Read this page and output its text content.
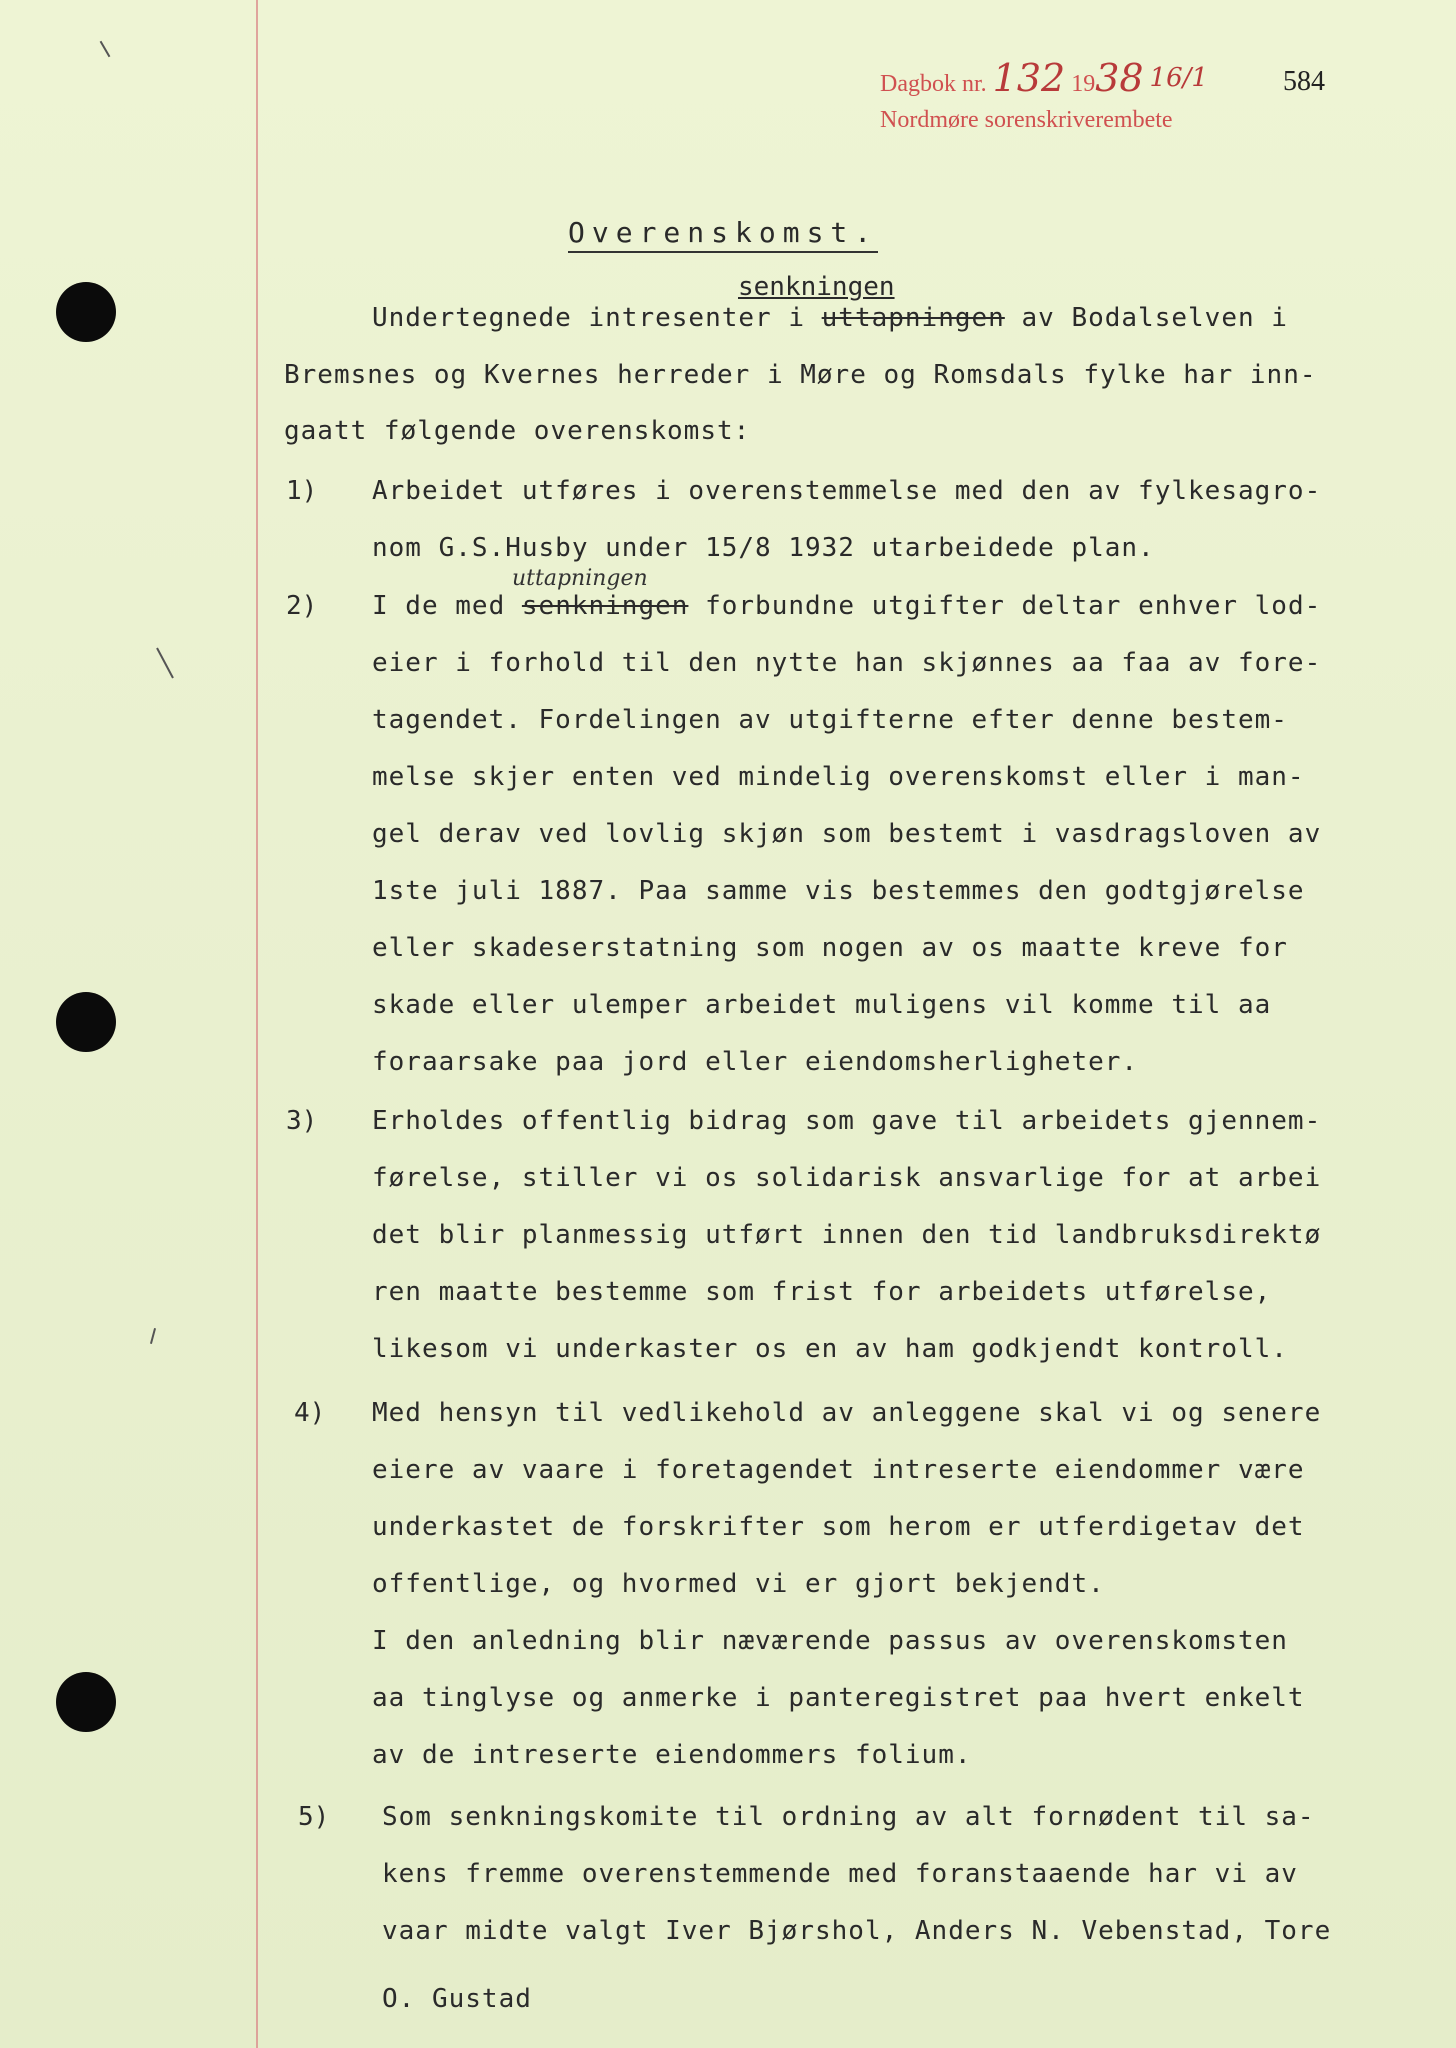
Dagbok nr. 132 1938 16/1
Nordmøre sorenskriverembete
584
Overenskomst.
senkningen
Undertegnede intresenter i uttapningen av Bodalselven i
Bremsnes og Kvernes herreder i Møre og Romsdals fylke har inn-
gaatt følgende overenskomst:
1) Arbeidet utføres i overenstemmelse med den av fylkesagro-
nom G.S.Husby under 15/8 1932 utarbeidede plan.
uttapningen
2) I de med senkningen forbundne utgifter deltar enhver lod-
eier i forhold til den nytte han skjønnes aa faa av fore-
tagendet. Fordelingen av utgifterne efter denne bestem-
melse skjer enten ved mindelig overenskomst eller i man-
gel derav ved lovlig skjøn som bestemt i vasdragsloven av
1ste juli 1887. Paa samme vis bestemmes den godtgjørelse
eller skadeserstatning som nogen av os maatte kreve for
skade eller ulemper arbeidet muligens vil komme til aa
foraarsake paa jord eller eiendomsherligheter.
3) Erholdes offentlig bidrag som gave til arbeidets gjennem-
førelse, stiller vi os solidarisk ansvarlige for at arbei
det blir planmessig utført innen den tid landbruksdirektø
ren maatte bestemme som frist for arbeidets utførelse,
likesom vi underkaster os en av ham godkjendt kontroll.
4) Med hensyn til vedlikehold av anleggene skal vi og senere
eiere av vaare i foretagendet intreserte eiendommer være
underkastet de forskrifter som herom er utferdigetav det
offentlige, og hvormed vi er gjort bekjendt.
I den anledning blir næværende passus av overenskomsten
aa tinglyse og anmerke i panteregistret paa hvert enkelt
av de intreserte eiendommers folium.
5) Som senkningskomite til ordning av alt fornødent til sa-
kens fremme overenstemmende med foranstaaende har vi av
vaar midte valgt Iver Bjørshol, Anders N. Vebenstad, Tore
O. Gustad
